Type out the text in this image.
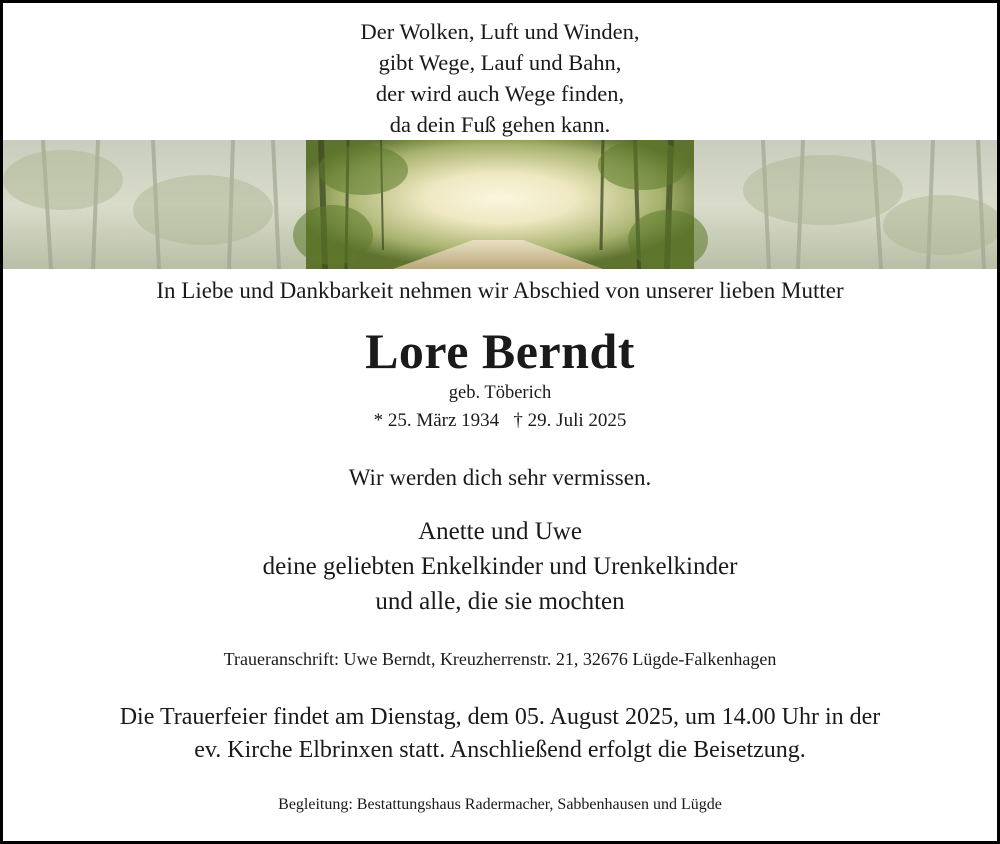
Der Wolken, Luft und Winden,
gibt Wege, Lauf und Bahn,
der wird auch Wege finden,
da dein Fuß gehen kann.
In Liebe und Dankbarkeit nehmen wir Abschied von unserer lieben Mutter
Lore Berndt
geb. Töberich
* 25. März 1934   † 29. Juli 2025
Wir werden dich sehr vermissen.
Anette und Uwe
deine geliebten Enkelkinder und Urenkelkinder
und alle, die sie mochten
Traueranschrift: Uwe Berndt, Kreuzherrenstr. 21, 32676 Lügde-Falkenhagen
Die Trauerfeier findet am Dienstag, dem 05. August 2025, um 14.00 Uhr in der
ev. Kirche Elbrinxen statt. Anschließend erfolgt die Beisetzung.
Begleitung: Bestattungshaus Radermacher, Sabbenhausen und Lügde
